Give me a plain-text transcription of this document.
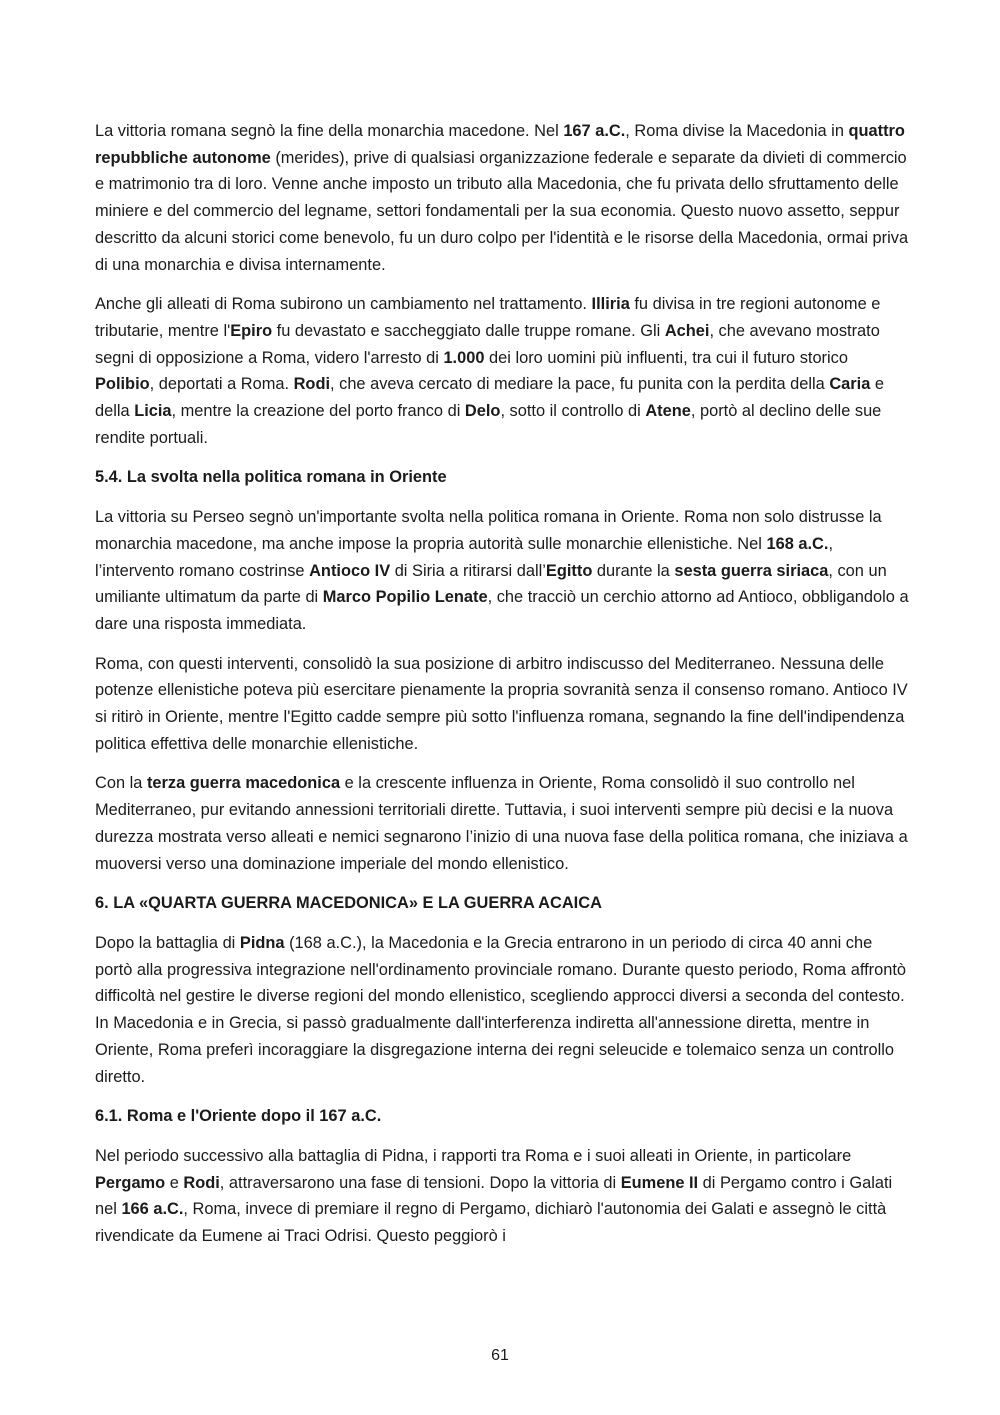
La vittoria romana segnò la fine della monarchia macedone. Nel 167 a.C., Roma divise la Macedonia in quattro repubbliche autonome (merides), prive di qualsiasi organizzazione federale e separate da divieti di commercio e matrimonio tra di loro. Venne anche imposto un tributo alla Macedonia, che fu privata dello sfruttamento delle miniere e del commercio del legname, settori fondamentali per la sua economia. Questo nuovo assetto, seppur descritto da alcuni storici come benevolo, fu un duro colpo per l'identità e le risorse della Macedonia, ormai priva di una monarchia e divisa internamente.

Anche gli alleati di Roma subirono un cambiamento nel trattamento. Illiria fu divisa in tre regioni autonome e tributarie, mentre l'Epiro fu devastato e saccheggiato dalle truppe romane. Gli Achei, che avevano mostrato segni di opposizione a Roma, videro l'arresto di 1.000 dei loro uomini più influenti, tra cui il futuro storico Polibio, deportati a Roma. Rodi, che aveva cercato di mediare la pace, fu punita con la perdita della Caria e della Licia, mentre la creazione del porto franco di Delo, sotto il controllo di Atene, portò al declino delle sue rendite portuali.

5.4. La svolta nella politica romana in Oriente

La vittoria su Perseo segnò un'importante svolta nella politica romana in Oriente. Roma non solo distrusse la monarchia macedone, ma anche impose la propria autorità sulle monarchie ellenistiche. Nel 168 a.C., l’intervento romano costrinse Antioco IV di Siria a ritirarsi dall’Egitto durante la sesta guerra siriaca, con un umiliante ultimatum da parte di Marco Popilio Lenate, che tracciò un cerchio attorno ad Antioco, obbligandolo a dare una risposta immediata.

Roma, con questi interventi, consolidò la sua posizione di arbitro indiscusso del Mediterraneo. Nessuna delle potenze ellenistiche poteva più esercitare pienamente la propria sovranità senza il consenso romano. Antioco IV si ritirò in Oriente, mentre l'Egitto cadde sempre più sotto l'influenza romana, segnando la fine dell'indipendenza politica effettiva delle monarchie ellenistiche.

Con la terza guerra macedonica e la crescente influenza in Oriente, Roma consolidò il suo controllo nel Mediterraneo, pur evitando annessioni territoriali dirette. Tuttavia, i suoi interventi sempre più decisi e la nuova durezza mostrata verso alleati e nemici segnarono l’inizio di una nuova fase della politica romana, che iniziava a muoversi verso una dominazione imperiale del mondo ellenistico.

6. LA «QUARTA GUERRA MACEDONICA» E LA GUERRA ACAICA

Dopo la battaglia di Pidna (168 a.C.), la Macedonia e la Grecia entrarono in un periodo di circa 40 anni che portò alla progressiva integrazione nell'ordinamento provinciale romano. Durante questo periodo, Roma affrontò difficoltà nel gestire le diverse regioni del mondo ellenistico, scegliendo approcci diversi a seconda del contesto. In Macedonia e in Grecia, si passò gradualmente dall'interferenza indiretta all'annessione diretta, mentre in Oriente, Roma preferì incoraggiare la disgregazione interna dei regni seleucide e tolemaico senza un controllo diretto.

6.1. Roma e l'Oriente dopo il 167 a.C.

Nel periodo successivo alla battaglia di Pidna, i rapporti tra Roma e i suoi alleati in Oriente, in particolare Pergamo e Rodi, attraversarono una fase di tensioni. Dopo la vittoria di Eumene II di Pergamo contro i Galati nel 166 a.C., Roma, invece di premiare il regno di Pergamo, dichiarò l'autonomia dei Galati e assegnò le città rivendicate da Eumene ai Traci Odrisi. Questo peggiorò i

61
